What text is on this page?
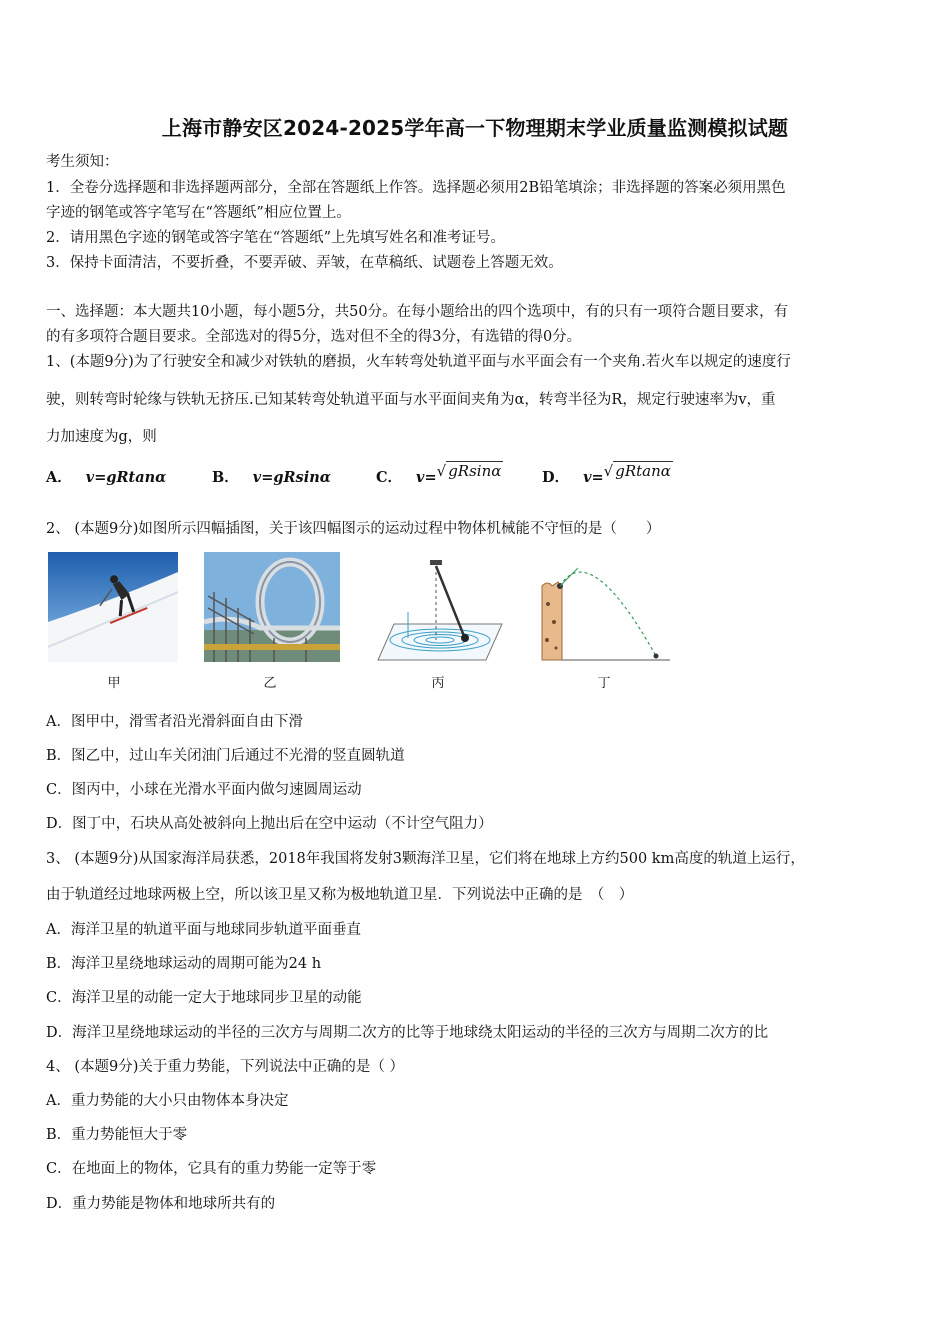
上海市静安区2024-2025学年高一下物理期末学业质量监测模拟试题
考生须知：
1．全卷分选择题和非选择题两部分，全部在答题纸上作答。选择题必须用2B铅笔填涂；非选择题的答案必须用黑色
字迹的钢笔或答字笔写在“答题纸”相应位置上。
2．请用黑色字迹的钢笔或答字笔在“答题纸”上先填写姓名和准考证号。
3．保持卡面清洁，不要折叠，不要弄破、弄皱，在草稿纸、试题卷上答题无效。
一、选择题：本大题共10小题，每小题5分，共50分。在每小题给出的四个选项中，有的只有一项符合题目要求，有
的有多项符合题目要求。全部选对的得5分，选对但不全的得3分，有选错的得0分。
1、(本题9分)为了行驶安全和减少对铁轨的磨损，火车转弯处轨道平面与水平面会有一个夹角.若火车以规定的速度行
驶，则转弯时轮缘与铁轨无挤压.已知某转弯处轨道平面与水平面间夹角为α，转弯半径为R，规定行驶速率为v，重
力加速度为g，则
A． v=gRtanα	B． v=gRsinα	C． v=√ gRsinα	D． v=√ gRtanα
2、 (本题9分)如图所示四幅插图，关于该四幅图示的运动过程中物体机械能不守恒的是（　　）
甲	乙	丙	丁
A．图甲中，滑雪者沿光滑斜面自由下滑
B．图乙中，过山车关闭油门后通过不光滑的竖直圆轨道
C．图丙中，小球在光滑水平面内做匀速圆周运动
D．图丁中，石块从高处被斜向上抛出后在空中运动（不计空气阻力）
3、 (本题9分)从国家海洋局获悉，2018年我国将发射3颗海洋卫星，它们将在地球上方约500 km高度的轨道上运行，
由于轨道经过地球两极上空，所以该卫星又称为极地轨道卫星．下列说法中正确的是　（　）
A．海洋卫星的轨道平面与地球同步轨道平面垂直
B．海洋卫星绕地球运动的周期可能为24 h
C．海洋卫星的动能一定大于地球同步卫星的动能
D．海洋卫星绕地球运动的半径的三次方与周期二次方的比等于地球绕太阳运动的半径的三次方与周期二次方的比
4、 (本题9分)关于重力势能，下列说法中正确的是（ ）
A．重力势能的大小只由物体本身决定
B．重力势能恒大于零
C．在地面上的物体，它具有的重力势能一定等于零
D．重力势能是物体和地球所共有的
